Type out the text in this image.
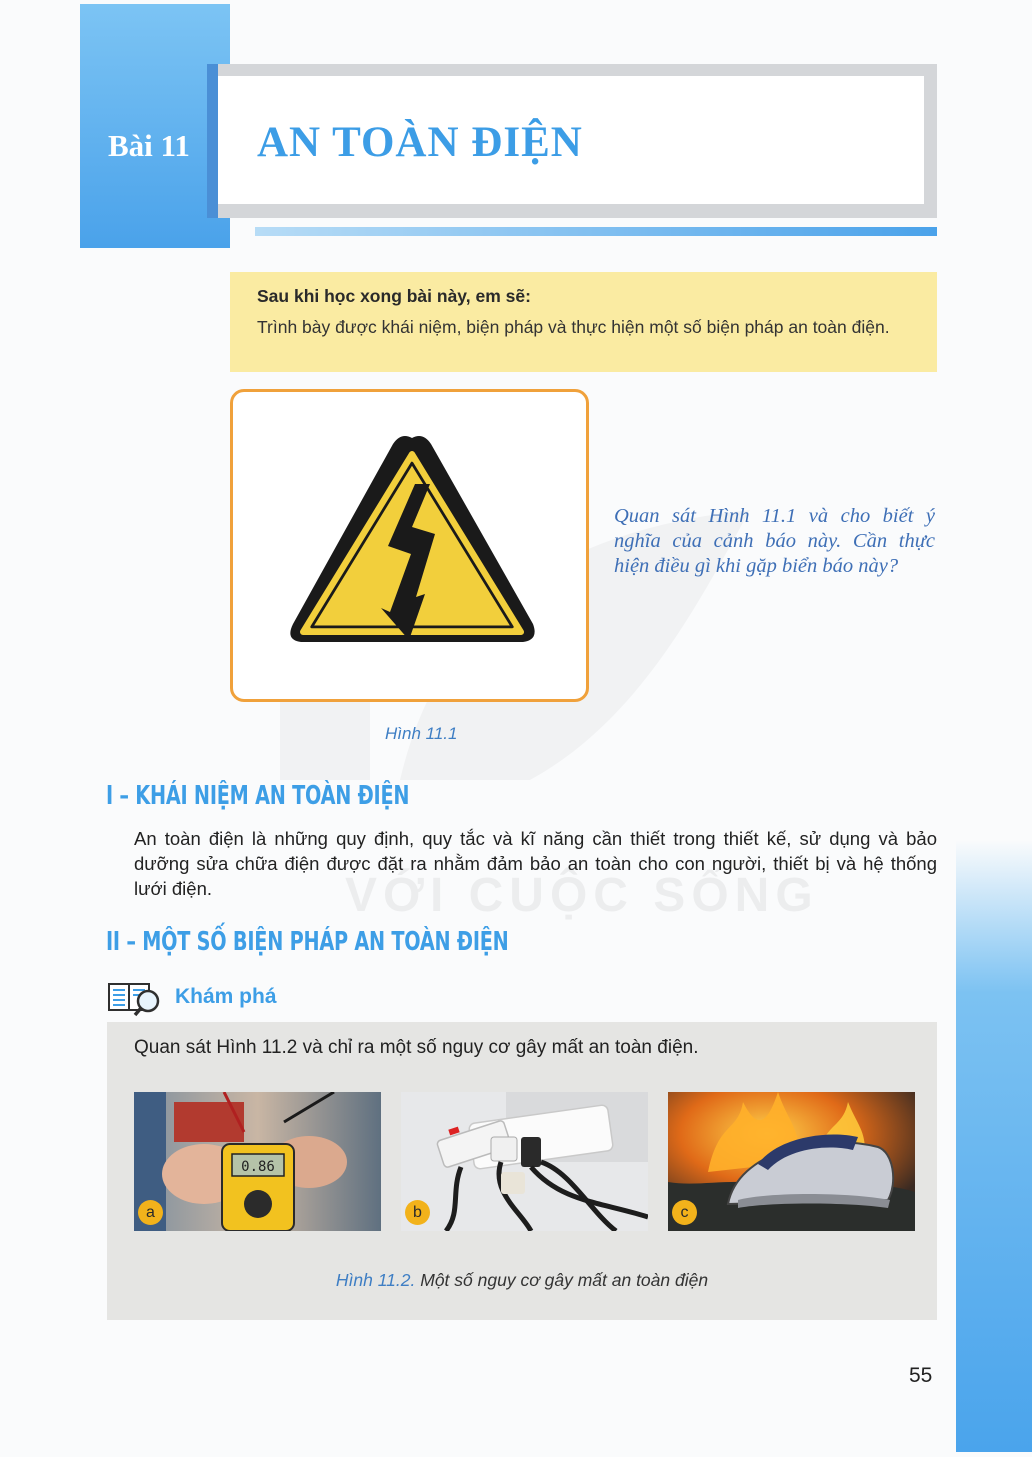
Bài 11 AN TOÀN ĐIỆN
Sau khi học xong bài này, em sẽ:
Trình bày được khái niệm, biện pháp và thực hiện một số biện pháp an toàn điện.
VỚI CUỘC SỐNG
Hình 11.1
Quan sát Hình 11.1 và cho biết ý nghĩa của cảnh báo này. Cần thực hiện điều gì khi gặp biển báo này?
I – KHÁI NIỆM AN TOÀN ĐIỆN
An toàn điện là những quy định, quy tắc và kĩ năng cần thiết trong thiết kế, sử dụng và bảo dưỡng sửa chữa điện được đặt ra nhằm đảm bảo an toàn cho con người, thiết bị và hệ thống lưới điện.
II – MỘT SỐ BIỆN PHÁP AN TOÀN ĐIỆN
Khám phá
Quan sát Hình 11.2 và chỉ ra một số nguy cơ gây mất an toàn điện.
0.86
a	b	c
Hình 11.2. Một số nguy cơ gây mất an toàn điện
55
